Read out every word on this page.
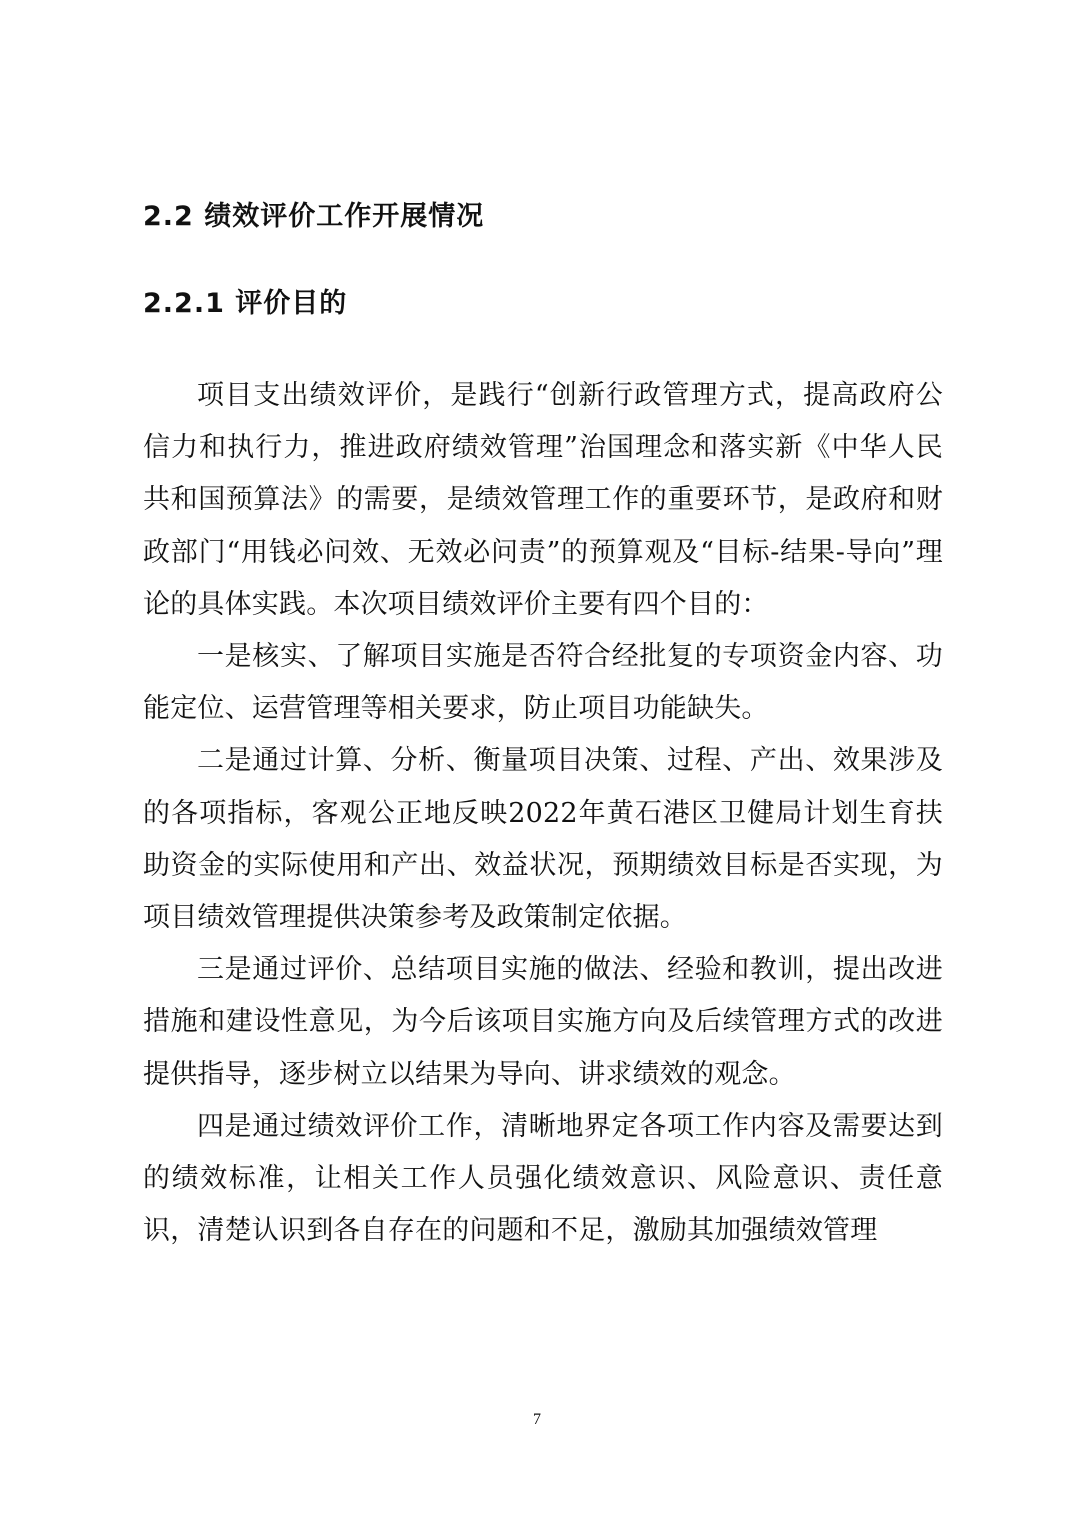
2.2 绩效评价工作开展情况
2.2.1 评价目的

项目支出绩效评价，是践行“创新行政管理方式，提高政府公信力和执行力，推进政府绩效管理”治国理念和落实新《中华人民共和国预算法》的需要，是绩效管理工作的重要环节，是政府和财政部门“用钱必问效、无效必问责”的预算观及“目标-结果-导向”理论的具体实践。本次项目绩效评价主要有四个目的：

一是核实、了解项目实施是否符合经批复的专项资金内容、功能定位、运营管理等相关要求，防止项目功能缺失。

二是通过计算、分析、衡量项目决策、过程、产出、效果涉及的各项指标，客观公正地反映2022年黄石港区卫健局计划生育扶助资金的实际使用和产出、效益状况，预期绩效目标是否实现，为项目绩效管理提供决策参考及政策制定依据。

三是通过评价、总结项目实施的做法、经验和教训，提出改进措施和建设性意见，为今后该项目实施方向及后续管理方式的改进提供指导，逐步树立以结果为导向、讲求绩效的观念。

四是通过绩效评价工作，清晰地界定各项工作内容及需要达到的绩效标准，让相关工作人员强化绩效意识、风险意识、责任意识，清楚认识到各自存在的问题和不足，激励其加强绩效管理

7
